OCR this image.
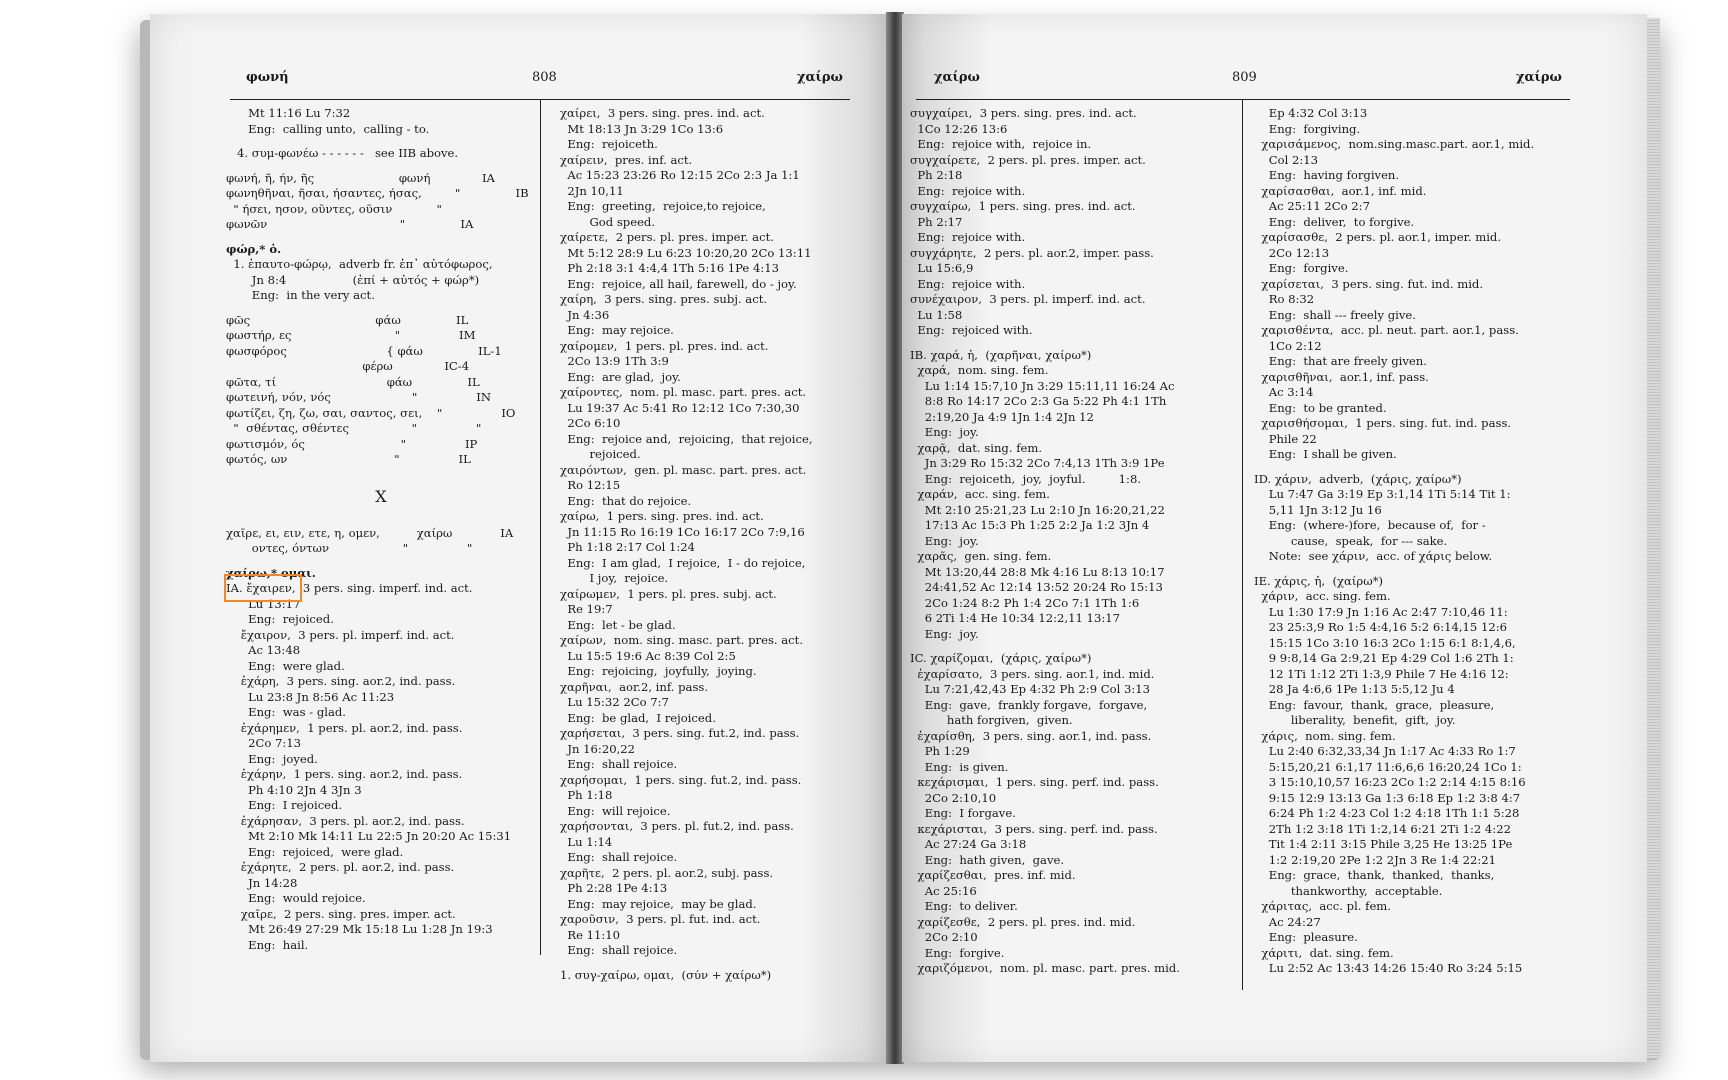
φωνή	808	χαίρω
Mt 11:16 Lu 7:32
Eng:  calling unto,  calling - to.
4. συμ-φωνέω - - - - - -   see IIB above.
φωνή, ῆ, ήν, ῆς                       φωνή              IA
φωνηθῆναι, ῆσαι, ήσαντες, ήσας,         "               IB
" ήσει, ησον, οῦντες, οῦσιν            "
φωνῶν                                    "               IA
φώρ,* ὁ.
1. ἐπαυτο-φώρῳ,  adverb fr. ἐπ᾽ αὐτόφωρος,
Jn 8:4                  (ἐπί + αὐτός + φώρ*)
Eng:  in the very act.
φῶς                                  φάω               IL
φωστήρ, ες                            "                IM
φωσφόρος                           { φάω               IL-1
φέρω              IC-4
φῶτα, τί                              φάω               IL
φωτεινή, νόν, νός                      "                IN
φωτίζει, ζη, ζω, σαι, σαντος, σει,    "                IO
"  σθέντας, σθέντες                 "                "
φωτισμόν, ός                          "                IP
φωτός, ων                             "                IL
X
χαῖρε, ει, ειν, ετε, η, ομεν,          χαίρω             IA
οντες, όντων                    "                "
χαίρω,* ομαι.
IA. ἔχαιρεν,  3 pers. sing. imperf. ind. act.
Lu 13:17
Eng:  rejoiced.
ἔχαιρον,  3 pers. pl. imperf. ind. act.
Ac 13:48
Eng:  were glad.
ἐχάρη,  3 pers. sing. aor.2, ind. pass.
Lu 23:8 Jn 8:56 Ac 11:23
Eng:  was - glad.
ἐχάρημεν,  1 pers. pl. aor.2, ind. pass.
2Co 7:13
Eng:  joyed.
ἐχάρην,  1 pers. sing. aor.2, ind. pass.
Ph 4:10 2Jn 4 3Jn 3
Eng:  I rejoiced.
ἐχάρησαν,  3 pers. pl. aor.2, ind. pass.
Mt 2:10 Mk 14:11 Lu 22:5 Jn 20:20 Ac 15:31
Eng:  rejoiced,  were glad.
ἐχάρητε,  2 pers. pl. aor.2, ind. pass.
Jn 14:28
Eng:  would rejoice.
χαῖρε,  2 pers. sing. pres. imper. act.
Mt 26:49 27:29 Mk 15:18 Lu 1:28 Jn 19:3
Eng:  hail.
χαίρει,  3 pers. sing. pres. ind. act.
Mt 18:13 Jn 3:29 1Co 13:6
Eng:  rejoiceth.
χαίρειν,  pres. inf. act.
Ac 15:23 23:26 Ro 12:15 2Co 2:3 Ja 1:1
2Jn 10,11
Eng:  greeting,  rejoice,to rejoice,
God speed.
χαίρετε,  2 pers. pl. pres. imper. act.
Mt 5:12 28:9 Lu 6:23 10:20,20 2Co 13:11
Ph 2:18 3:1 4:4,4 1Th 5:16 1Pe 4:13
Eng:  rejoice, all hail, farewell, do - joy.
χαίρη,  3 pers. sing. pres. subj. act.
Jn 4:36
Eng:  may rejoice.
χαίρομεν,  1 pers. pl. pres. ind. act.
2Co 13:9 1Th 3:9
Eng:  are glad,  joy.
χαίροντες,  nom. pl. masc. part. pres. act.
Lu 19:37 Ac 5:41 Ro 12:12 1Co 7:30,30
2Co 6:10
Eng:  rejoice and,  rejoicing,  that rejoice,
rejoiced.
χαιρόντων,  gen. pl. masc. part. pres. act.
Ro 12:15
Eng:  that do rejoice.
χαίρω,  1 pers. sing. pres. ind. act.
Jn 11:15 Ro 16:19 1Co 16:17 2Co 7:9,16
Ph 1:18 2:17 Col 1:24
Eng:  I am glad,  I rejoice,  I - do rejoice,
I joy,  rejoice.
χαίρωμεν,  1 pers. pl. pres. subj. act.
Re 19:7
Eng:  let - be glad.
χαίρων,  nom. sing. masc. part. pres. act.
Lu 15:5 19:6 Ac 8:39 Col 2:5
Eng:  rejoicing,  joyfully,  joying.
χαρῆναι,  aor.2, inf. pass.
Lu 15:32 2Co 7:7
Eng:  be glad,  I rejoiced.
χαρήσεται,  3 pers. sing. fut.2, ind. pass.
Jn 16:20,22
Eng:  shall rejoice.
χαρήσομαι,  1 pers. sing. fut.2, ind. pass.
Ph 1:18
Eng:  will rejoice.
χαρήσονται,  3 pers. pl. fut.2, ind. pass.
Lu 1:14
Eng:  shall rejoice.
χαρῆτε,  2 pers. pl. aor.2, subj. pass.
Ph 2:28 1Pe 4:13
Eng:  may rejoice,  may be glad.
χαροῦσιν,  3 pers. pl. fut. ind. act.
Re 11:10
Eng:  shall rejoice.
1. συγ-χαίρω, ομαι,  (σύν + χαίρω*)
χαίρω	809	χαίρω
συγχαίρει,  3 pers. sing. pres. ind. act.
1Co 12:26 13:6
Eng:  rejoice with,  rejoice in.
συγχαίρετε,  2 pers. pl. pres. imper. act.
Ph 2:18
Eng:  rejoice with.
συγχαίρω,  1 pers. sing. pres. ind. act.
Ph 2:17
Eng:  rejoice with.
συγχάρητε,  2 pers. pl. aor.2, imper. pass.
Lu 15:6,9
Eng:  rejoice with.
συνέχαιρον,  3 pers. pl. imperf. ind. act.
Lu 1:58
Eng:  rejoiced with.
IB. χαρά, ἡ,  (χαρῆναι, χαίρω*)
χαρά,  nom. sing. fem.
Lu 1:14 15:7,10 Jn 3:29 15:11,11 16:24 Ac
8:8 Ro 14:17 2Co 2:3 Ga 5:22 Ph 4:1 1Th
2:19,20 Ja 4:9 1Jn 1:4 2Jn 12
Eng:  joy.
χαρᾷ,  dat. sing. fem.
Jn 3:29 Ro 15:32 2Co 7:4,13 1Th 3:9 1Pe
Eng:  rejoiceth,  joy,  joyful.         1:8.
χαράν,  acc. sing. fem.
Mt 2:10 25:21,23 Lu 2:10 Jn 16:20,21,22
17:13 Ac 15:3 Ph 1:25 2:2 Ja 1:2 3Jn 4
Eng:  joy.
χαρᾶς,  gen. sing. fem.
Mt 13:20,44 28:8 Mk 4:16 Lu 8:13 10:17
24:41,52 Ac 12:14 13:52 20:24 Ro 15:13
2Co 1:24 8:2 Ph 1:4 2Co 7:1 1Th 1:6
6 2Ti 1:4 He 10:34 12:2,11 13:17
Eng:  joy.
IC. χαρίζομαι,  (χάρις, χαίρω*)
ἐχαρίσατο,  3 pers. sing. aor.1, ind. mid.
Lu 7:21,42,43 Ep 4:32 Ph 2:9 Col 3:13
Eng:  gave,  frankly forgave,  forgave,
hath forgiven,  given.
ἐχαρίσθη,  3 pers. sing. aor.1, ind. pass.
Ph 1:29
Eng:  is given.
κεχάρισμαι,  1 pers. sing. perf. ind. pass.
2Co 2:10,10
Eng:  I forgave.
κεχάρισται,  3 pers. sing. perf. ind. pass.
Ac 27:24 Ga 3:18
Eng:  hath given,  gave.
χαρίζεσθαι,  pres. inf. mid.
Ac 25:16
Eng:  to deliver.
χαρίζεσθε,  2 pers. pl. pres. ind. mid.
2Co 2:10
Eng:  forgive.
χαριζόμενοι,  nom. pl. masc. part. pres. mid.
Ep 4:32 Col 3:13
Eng:  forgiving.
χαρισάμενος,  nom.sing.masc.part. aor.1, mid.
Col 2:13
Eng:  having forgiven.
χαρίσασθαι,  aor.1, inf. mid.
Ac 25:11 2Co 2:7
Eng:  deliver,  to forgive.
χαρίσασθε,  2 pers. pl. aor.1, imper. mid.
2Co 12:13
Eng:  forgive.
χαρίσεται,  3 pers. sing. fut. ind. mid.
Ro 8:32
Eng:  shall --- freely give.
χαρισθέντα,  acc. pl. neut. part. aor.1, pass.
1Co 2:12
Eng:  that are freely given.
χαρισθῆναι,  aor.1, inf. pass.
Ac 3:14
Eng:  to be granted.
χαρισθήσομαι,  1 pers. sing. fut. ind. pass.
Phile 22
Eng:  I shall be given.
ID. χάριν,  adverb,  (χάρις, χαίρω*)
Lu 7:47 Ga 3:19 Ep 3:1,14 1Ti 5:14 Tit 1:
5,11 1Jn 3:12 Ju 16
Eng:  (where-)fore,  because of,  for -
cause,  speak,  for --- sake.
Note:  see χάριν,  acc. of χάρις below.
IE. χάρις, ἡ,  (χαίρω*)
χάριν,  acc. sing. fem.
Lu 1:30 17:9 Jn 1:16 Ac 2:47 7:10,46 11:
23 25:3,9 Ro 1:5 4:4,16 5:2 6:14,15 12:6
15:15 1Co 3:10 16:3 2Co 1:15 6:1 8:1,4,6,
9 9:8,14 Ga 2:9,21 Ep 4:29 Col 1:6 2Th 1:
12 1Ti 1:12 2Ti 1:3,9 Phile 7 He 4:16 12:
28 Ja 4:6,6 1Pe 1:13 5:5,12 Ju 4
Eng:  favour,  thank,  grace,  pleasure,
liberality,  benefit,  gift,  joy.
χάρις,  nom. sing. fem.
Lu 2:40 6:32,33,34 Jn 1:17 Ac 4:33 Ro 1:7
5:15,20,21 6:1,17 11:6,6,6 16:20,24 1Co 1:
3 15:10,10,57 16:23 2Co 1:2 2:14 4:15 8:16
9:15 12:9 13:13 Ga 1:3 6:18 Ep 1:2 3:8 4:7
6:24 Ph 1:2 4:23 Col 1:2 4:18 1Th 1:1 5:28
2Th 1:2 3:18 1Ti 1:2,14 6:21 2Ti 1:2 4:22
Tit 1:4 2:11 3:15 Phile 3,25 He 13:25 1Pe
1:2 2:19,20 2Pe 1:2 2Jn 3 Re 1:4 22:21
Eng:  grace,  thank,  thanked,  thanks,
thankworthy,  acceptable.
χάριτας,  acc. pl. fem.
Ac 24:27
Eng:  pleasure.
χάριτι,  dat. sing. fem.
Lu 2:52 Ac 13:43 14:26 15:40 Ro 3:24 5:15
